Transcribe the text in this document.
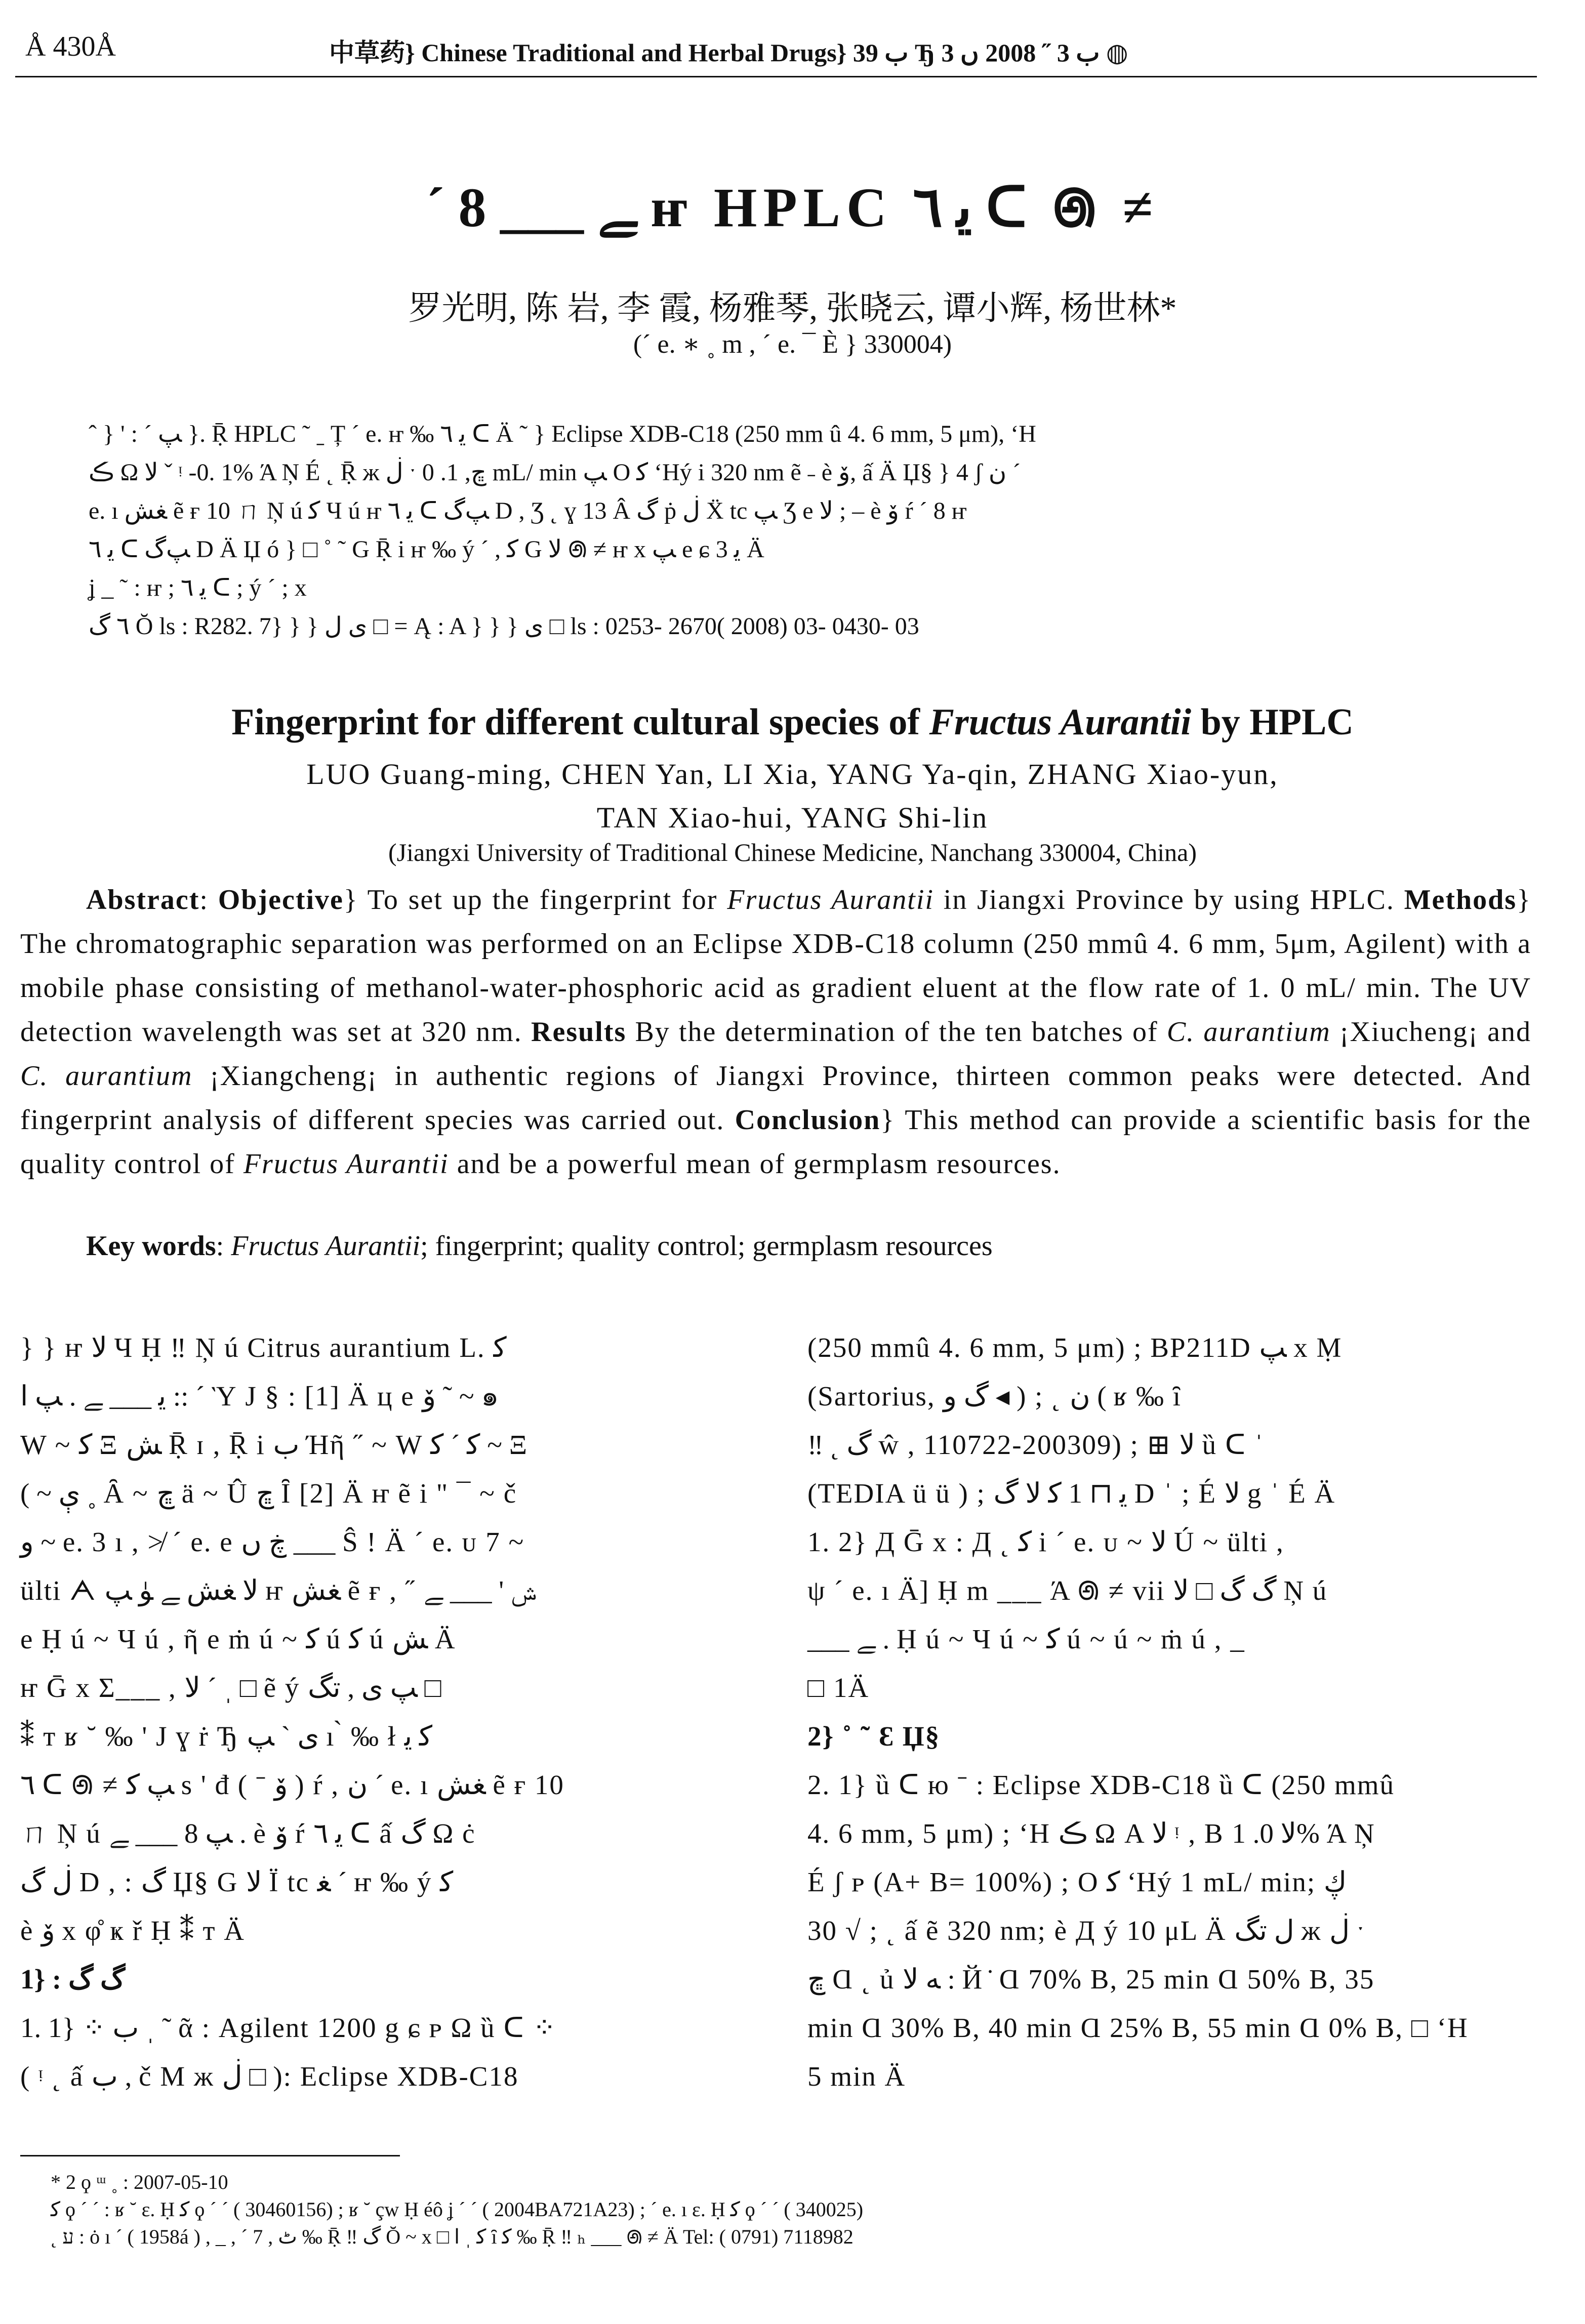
Å 430Å	中草药} Chinese Traditional and Herbal Drugs} ب 39 Ђ ب 3 ˝ 2008 ں 3 ◍
´ 8 ___ ﮯ ҥ HPLC ﯾ ٦ ᑕ ꢠ ≠
罗光明, 陈 岩, 李 霞, 杨雅琴, 张晓云, 谭小辉, 杨世林*
(´ e. ∗ ˳ m , ´ e. ¯ È } 330004)

ˆ } ' : ˊ ﭗ }. Ṝ HPLC ˜ ˍ Ț ´ e. ҥ ‰ ﯾ ٦ ᑕ Ä ˜ } Eclipse XDB-C18 (250 mm û 4. 6 mm, 5 μm), ʻH

ڪ Ω ﻻ ˇ ᵎ -0. 1% Ά Ņ É ˛ Ṝ ж ڶ ˑ ڇ, 1. 0 mL/ min ﭗ O ﻛ ʻHý i 320 nm ẽ ˗ è ﯙ, ấ Ä Џ§ } 4 ʃ ن ´

e. ı ﻐﺶ ẽ ғ 10 ㄇ Ņ ú ﻛ Ч ú ҥ ﯾ ٦ ᑕ ﭗگ D , Ʒ ˛ ɣ 13 Â ﮒ ṗ ڶ Ẍ tc ﭗ Ʒ e ﻻ ; ‒ è ﯙ ŕ ´ 8 ҥ

ﯾ ٦ ᑕ ﭗگ D Ä Џ ó } □ ˚ ˜ G Ṝ i ҥ ‰ ý ´ , ﻛ G ﻻ ꢠ ≠ ҥ x ﭗ e ɕ 3 ﯾ Ä

ʝ _ ˜ : ҥ ; ﯾ ٦ ᑕ ; ý ´ ; x

٦ ﮒ Ŏ ls : R282. 7} } } ی ﻝ □ = Ą : A } } } ی □ ls : 0253- 2670( 2008) 03- 0430- 03

Fingerprint for different cultural species of Fructus Aurantii by HPLC
LUO Guang-ming, CHEN Yan, LI Xia, YANG Ya-qin, ZHANG Xiao-yun,
TAN Xiao-hui, YANG Shi-lin
(Jiangxi University of Traditional Chinese Medicine, Nanchang 330004, China)
Abstract: Objective} To set up the fingerprint for Fructus Aurantii in Jiangxi Province by using HPLC. Methods} The chromatographic separation was performed on an Eclipse XDB-C18 column (250 mmû 4. 6 mm, 5μm, Agilent) with a mobile phase consisting of methanol-water-phosphoric acid as gradient eluent at the flow rate of 1. 0 mL/ min. The UV detection wavelength was set at 320 nm. Results By the determination of the ten batches of C. aurantium ¡Xiucheng¡ and C. aurantium ¡Xiangcheng¡ in authentic regions of Jiangxi Province, thirteen common peaks were detected. And fingerprint analysis of different species was carried out. Conclusion} This method can provide a scientific basis for the quality control of Fructus Aurantii and be a powerful mean of germplasm resources.
Key words: Fructus Aurantii; fingerprint; quality control; germplasm resources

} } ҥ ﻻ Ч Ḥ ‼ Ņ ú Citrus aurantium L. ﻛ

ﯾ ___ ﮯ . ﭗ ا :: ´ Ὺ J § : [1] Ä ц e ﯙ ˜ ~ ๑

W ~ ﻛ Ξ ﺶ Ṝ ɪ , Ṝ i ب Ήῆ ˝ ~ W ﻛ ´ ﻛ ~ Ξ

( ~ ې ˳ Ȃ ~ ڇ ä ~ Û ڇ Ȋ [2] Ä ҥ ẽ i " ¯ ~ č

ﻭ ~ e. 3 ı , ≯ ´ e. e ڿ ں ___ Ŝ ! Ä ´ e. ᴜ 7 ~

ülti ᗅ ﻻ ﻐﺶ ﮯ ﯜ ﭗ ҥ ﻐﺶ ẽ ғ , ˝ ﺵ ' ___ ﮯ

e Ḥ ú ~ Ч ú , ῆ e ṁ ú ~ ﻛ ú ﻛ ú ﺶ Ä

ҥ Ḡ x Σ___ , ﻻ ´ ˌ □ ẽ ý ﭗ ﯼ , ﺗﮓ □

⁑ т ʁ ˘ ‰ ' J ɣ ṙ Ђ ﯼ ` ﭗ ı ̀ ‰ ł ﻛ ﯾ

٦ ᑕ ꢠ ≠ ﭗ ﻛ s ' đ ( ˉ ﯙ ) ŕ , ن ´ e. ı ﻐﺶ ẽ ғ 10

ㄇ Ņ ú ﭗ 8 ___ ﮯ . è ﯙ ŕ ﯾ ٦ ᑕ ấ ﮒ Ω ċ

ڶ ﮒ D , : ﮒ Џ§ G ﻻ Ï tc ﻐ ´ ҥ ‰ ý ﻛ

è ﯙ x φ̊ ҝ ř Ḥ ⁑ т Ä

1} : ﮒ ﮒ

1. 1} ⁘ ب ˌ ˜ ᾶ : Agilent 1200 g ɕ ᴘ Ω ȕ ᑕ ⁘

( ᵎ ˛ ấ ب , č M ж ڶ □ ): Eclipse XDB-C18

(250 mmû 4. 6 mm, 5 μm) ; BP211D ﭗ x Ṃ

(Sartorius, ﮒ ﻭ ◂ ) ; ˛ ن ( ʁ ‰ ȋ

‼ ˛ ﮒ ŵ , 110722-200309) ; ⊞ ﻻ ȕ ᑕ ˈ

(TEDIA ü ü ) ; ﯾ ⊓ 1 ﻛ ﻻ ﮒ D ˈ ; É ﻻ g ˈ É Ä

1. 2} Д Ḡ x : Д ˛ ﻛ i ´ e. ᴜ ~ ﻻ Ú ~ ülti ,

ψ ´ e. ı Ä] Ḥ m ___ Ά ꢠ ≠ vii ﮒ ﮒ □ ﻻ Ņ ú

___ ﮯ . Ḥ ú ~ Ч ú ~ ﻛ ú ~ ú ~ ṁ ú , _

□ 1Ä

2} ˚ ˜ Ɛ Џ§

2. 1} ȕ ᑕ ю ˉ : Eclipse XDB-C18 ȕ ᑕ (250 mmû

4. 6 mm, 5 μm) ; ʻH ڪ Ω A ﻻ ᵎ , B ﻻ 0. 1% Ά Ņ

É ʃ ᴘ (A+ B= 100%) ; O ﻛ ʻHý 1 mL/ min; ڮ

30 √ ; ˛ ấ ẽ 320 nm; è Д ý 10 μL Ä ﻝ ﺗﮓ ж ڶ ˑ

ڇ Ɑ ˛ ủ ﻪ ﻻ : Й ̇ Ɑ 70% B, 25 min Ɑ 50% B, 35

min Ɑ 30% B, 40 min Ɑ 25% B, 55 min Ɑ 0% B, □ ʻH

5 min Ä

* 2 ϙ ᵚ ˳ : 2007-05-10

ﻛ ϙ ´ ´ : ʁ ˘ ε. Ḥ ﻛ ϙ ´ ´ ( 30460156) ; ʁ ˘ çw Ḥ éô ʝ ´ ´ ( 2004BA721A23) ; ´ e. ı ε. Ḥ ﻛ ϙ ´ ´ ( 340025)

˛ ﬠ : ȯ ı ´ ( 1958á ) , _ , ´ 7 , ﭦ ‰ Ṝ ‼ ﮒ Ŏ ~ x □ ﻛ ˌ ﺍ ȋ ﻛ ‰ Ṝ ‼ ₕ ___ ꢠ ≠ Ä Tel: ( 0791) 7118982
